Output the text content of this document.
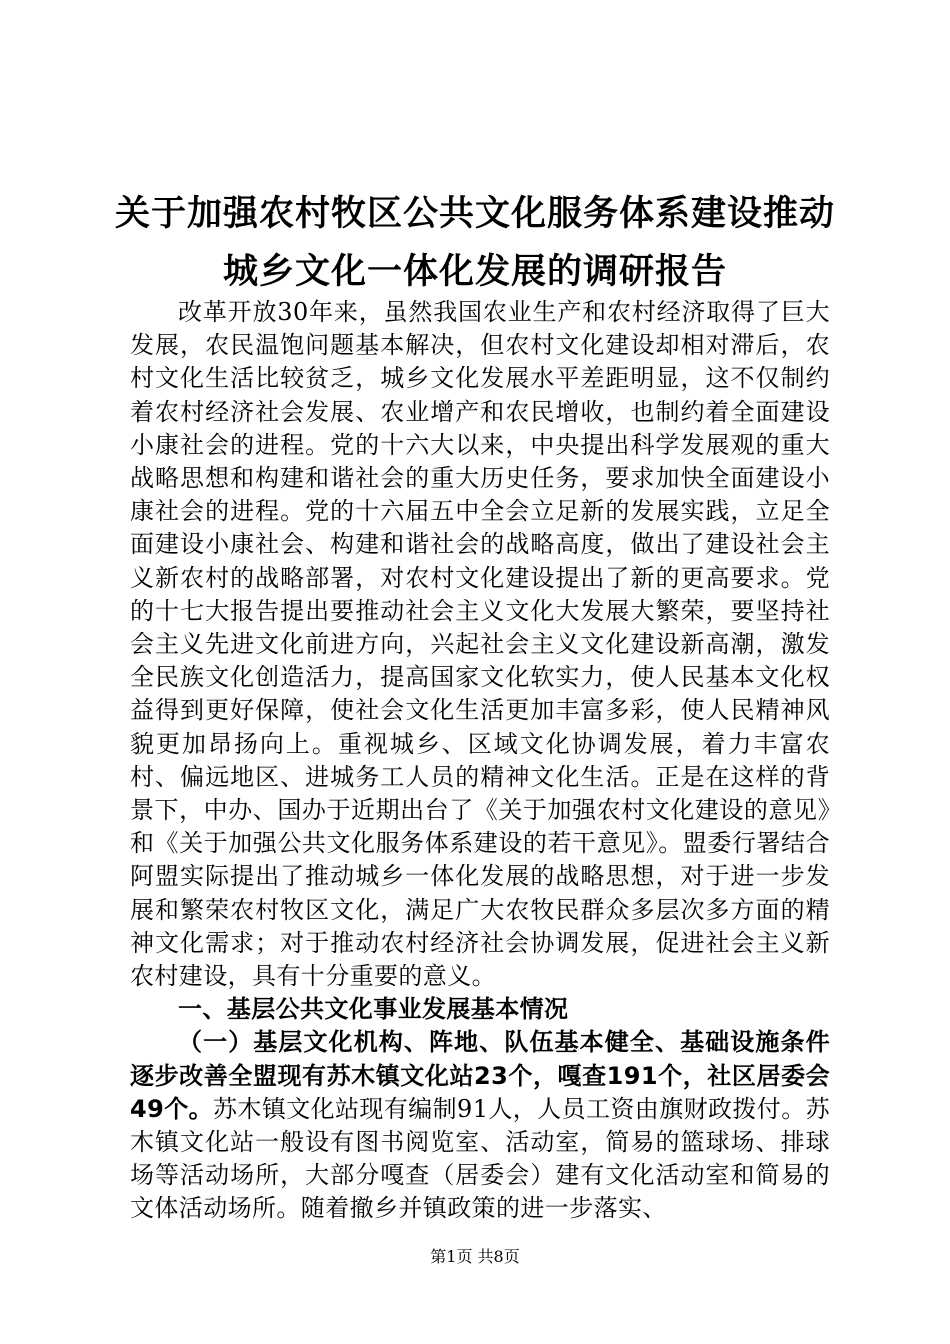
关于加强农村牧区公共文化服务体系建设推动
城乡文化一体化发展的调研报告

改革开放30年来，虽然我国农业生产和农村经济取得了巨大发展，农民温饱问题基本解决，但农村文化建设却相对滞后，农村文化生活比较贫乏，城乡文化发展水平差距明显，这不仅制约着农村经济社会发展、农业增产和农民增收，也制约着全面建设小康社会的进程。党的十六大以来，中央提出科学发展观的重大战略思想和构建和谐社会的重大历史任务，要求加快全面建设小康社会的进程。党的十六届五中全会立足新的发展实践，立足全面建设小康社会、构建和谐社会的战略高度，做出了建设社会主义新农村的战略部署，对农村文化建设提出了新的更高要求。党的十七大报告提出要推动社会主义文化大发展大繁荣，要坚持社会主义先进文化前进方向，兴起社会主义文化建设新高潮，激发全民族文化创造活力，提高国家文化软实力，使人民基本文化权益得到更好保障，使社会文化生活更加丰富多彩，使人民精神风貌更加昂扬向上。重视城乡、区域文化协调发展，着力丰富农村、偏远地区、进城务工人员的精神文化生活。正是在这样的背景下，中办、国办于近期出台了《关于加强农村文化建设的意见》和《关于加强公共文化服务体系建设的若干意见》。盟委行署结合阿盟实际提出了推动城乡一体化发展的战略思想，对于进一步发展和繁荣农村牧区文化，满足广大农牧民群众多层次多方面的精神文化需求；对于推动农村经济社会协调发展，促进社会主义新农村建设，具有十分重要的意义。

一、基层公共文化事业发展基本情况

（一）基层文化机构、阵地、队伍基本健全、基础设施条件逐步改善全盟现有苏木镇文化站23个，嘎查191个，社区居委会49个。苏木镇文化站现有编制91人，人员工资由旗财政拨付。苏木镇文化站一般设有图书阅览室、活动室，简易的篮球场、排球场等活动场所，大部分嘎查（居委会）建有文化活动室和简易的文体活动场所。随着撤乡并镇政策的进一步落实、

第1页 共8页
